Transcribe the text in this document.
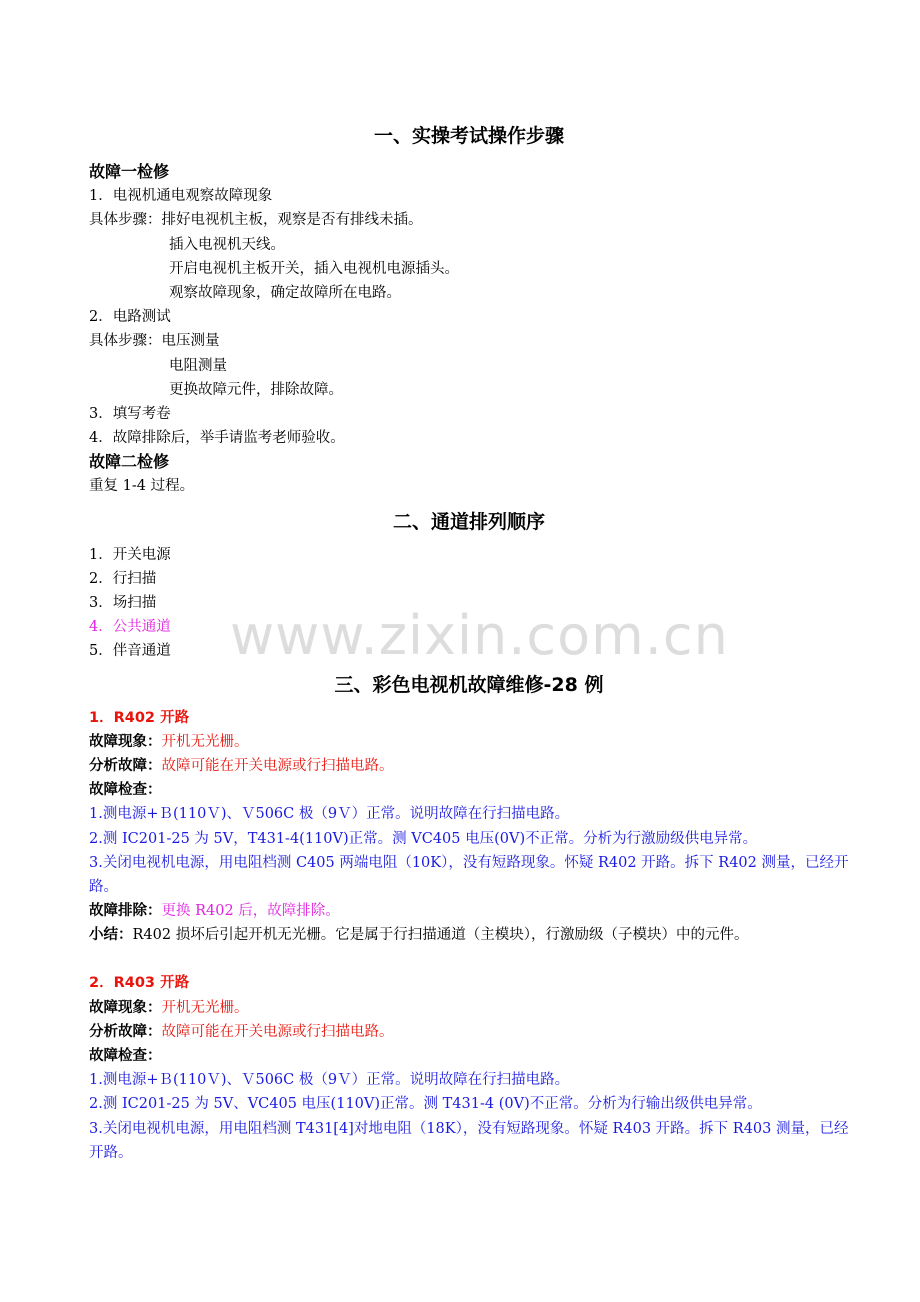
www.zixin.com.cn
一、实操考试操作步骤
故障一检修
1．电视机通电观察故障现象
具体步骤：排好电视机主板，观察是否有排线未插。
插入电视机天线。
开启电视机主板开关，插入电视机电源插头。
观察故障现象，确定故障所在电路。
2．电路测试
具体步骤：电压测量
电阻测量
更换故障元件，排除故障。
3．填写考卷
4．故障排除后，举手请监考老师验收。
故障二检修
重复 1-4 过程。
二、通道排列顺序
1．开关电源
2．行扫描
3．场扫描
4．公共通道
5．伴音通道
三、彩色电视机故障维修-28 例
1．R402 开路
故障现象：开机无光栅。
分析故障：故障可能在开关电源或行扫描电路。
故障检查：
1.测电源+Ｂ(110Ｖ)、Ｖ506C 极（9Ｖ）正常。说明故障在行扫描电路。
2.测 IC201-25 为 5V，T431-4(110V)正常。测 VC405 电压(0V)不正常。分析为行激励级供电异常。
3.关闭电视机电源，用电阻档测 C405 两端电阻（10K），没有短路现象。怀疑 R402 开路。拆下 R402 测量，已经开路。
故障排除：更换 R402 后，故障排除。
小结：R402 损坏后引起开机无光栅。它是属于行扫描通道（主模块），行激励级（子模块）中的元件。
2．R403 开路
故障现象：开机无光栅。
分析故障：故障可能在开关电源或行扫描电路。
故障检查：
1.测电源+Ｂ(110Ｖ)、Ｖ506C 极（9Ｖ）正常。说明故障在行扫描电路。
2.测 IC201-25 为 5V、VC405 电压(110V)正常。测 T431-4 (0V)不正常。分析为行输出级供电异常。
3.关闭电视机电源，用电阻档测 T431[4]对地电阻（18K），没有短路现象。怀疑 R403 开路。拆下 R403 测量，已经开路。
